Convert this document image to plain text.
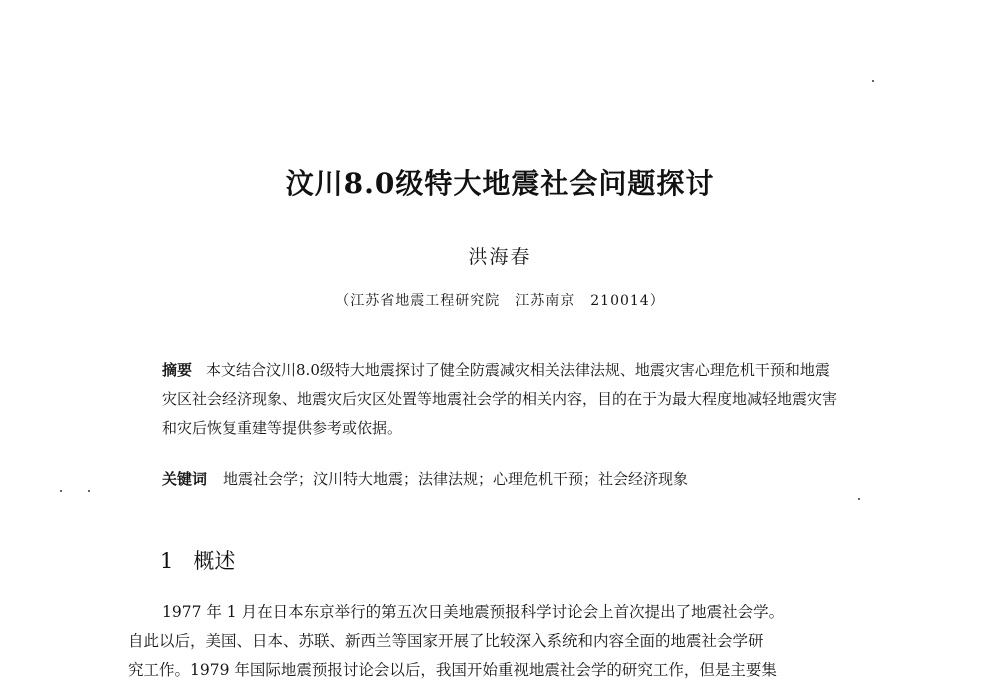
汶川8.0级特大地震社会问题探讨
洪海春
（江苏省地震工程研究院　江苏南京　210014）
摘要 本文结合汶川8.0级特大地震探讨了健全防震减灾相关法律法规、地震灾害心理危机干预和地震灾区社会经济现象、地震灾后灾区处置等地震社会学的相关内容，目的在于为最大程度地减轻地震灾害和灾后恢复重建等提供参考或依据。
关键词 地震社会学；汶川特大地震；法律法规；心理危机干预；社会经济现象
1 概述
1977 年 1 月在日本东京举行的第五次日美地震预报科学讨论会上首次提出了地震社会学。
自此以后，美国、日本、苏联、新西兰等国家开展了比较深入系统和内容全面的地震社会学研
究工作。1979 年国际地震预报讨论会以后，我国开始重视地震社会学的研究工作，但是主要集
